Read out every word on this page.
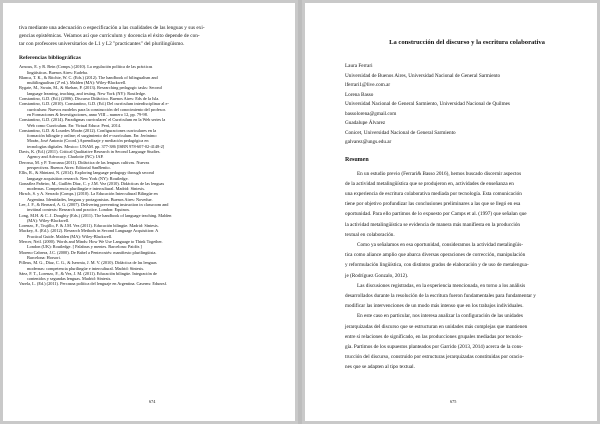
tiva mediante una adecuación o especificación a las cualidades de las lenguas y sus exi-
gencias epistémicas. Veíamos así que currículum y docencia el éxito depende de con-
tar con profesores universitarios de L1 y L2 "practicantes" del plurilingüismo.
Referencias bibliográficas
Arnoux, E. y R. Bein (Comps.) (2010). La regulación política de las prácticas
lingüísticas. Buenos Aires: Eudeba.
Blanca, T. K., & Ritchie, W. C. (Eds.) (2012). The handbook of bilingualism and
multilingualism (2ª ed.). Malden (MA): Wiley-Blackwell.
Bygate, M., Swain, M., & Skehan, P. (2013). Researching pedagogic tasks: Second
language learning, teaching, and testing. New York (NY): Routledge.
Constantino, G.D. (Ed.) (2006). Discurso Didáctico. Buenos Aires: Eds de la Isla.
Constantino, G.D. (2010). Constantino, G.D. (Ed.) Del currículum interdisciplinar al e-
currículum: Nuevos modelos para la construcción del conocimiento del profesor.
en Formaciones & Investigaciones, anno VIII – numero 12, pp. 79-98.
Constantino, G.D. (2014). Paradigmas curriculares' el Currículum en la Web series la
Web como Currículum. En: Virtual Educa: Perú, 2014.
Constantino, G.D. & Lourdes Morán (2012). Configuraciones curriculares en la
formación bilingüe y online; el surgimiento del e-currículum. En: Jerónimo
Morán, José Antonio (Coord.) Aprendizaje y mediación pedagógica en
tecnologías digitales. Mexico: UNAM. pp. 377-386 [ISBN 978-607-02-4148-2]
Davis, K. (Ed.) (2011). Critical Qualitative Research in Second Language Studies.
Agency and Advocacy. Charlotte (NC): IAP.
Derossa, M. y P. Torroana (2011). Didáctica de las lenguas cultivas. Nuevas
perspectivas. Buenos Aires: Editorial SanBenito.
Ellis, R., & Shintani, N. (2014). Exploring language pedagogy through second
language acquisition research. New York (NY): Routledge.
González Pañeiro, M., Guillén Díaz, C. y J.M. Vez (2010). Didácticas de las lenguas
modernas. Competencia plurilingüe e intercultural. Madrid: Síntesis.
Hirsch, S. y A. Serrado (Comps.) (2010). La Educación Intercultural Bilingüe en
Argentina. Identidades, lenguas y protagonistas. Buenos Aires: Novedue.
Lee, J. F., & Bernard, A. G. (2007). Delivering preventing instruction in classroom and
invitinal contexts: Research and practice. London: Equinox.
Long, M.H. & C. J. Doughty (Eds.) (2011). The handbook of language teaching. Malden
(MA): Wiley-Blackwell.
Lorenzo, F., Trujillo, F. & J.M. Vez (2011). Educación bilingüe. Madrid: Síntesis.
Mackey, A. (Ed.). (2012). Research Methods in Second Language Acquisition: A
Practical Guide. Malden (MA): Wiley-Blackwell.
Mercer, Neil. (2000). Words and Minds: How We Use Language to Think Together.
London (UK): Routledge. [ Palabras y mentes. Barcelona: Paidós ]
Moreno Cabrera, J.C. (2000). De Babel a Pentecostés: manifiesto plurilingüista.
Barcelona: Horsori.
Pilleux, M. G., Díaz, C. G., & Iserrnia, J. M. V. (2010). Didáctica de las lenguas
modernas: competencia plurilingüe e intercultural. Madrid: Síntesis.
Sáez, F. T., Lorenzo, F., & Vez, J. M. (2011). Educación bilingüe. Integración de
contenidos y segundas lenguas. Madrid: Síntesis.
Varela, L. (Ed.) (2011). Percasna política del lenguaje en Argentina. Caserns: Edunrsf.
674
La construcción del discurso y la escritura colaborativa
Laura Ferrari
Universidad de Buenos Aires, Universidad Nacional de General Sarmiento
lferrari1@live.com.ar
Lorena Basso
Universidad Nacional de General Sarmiento, Universidad Nacional de Quilmes
bassolorena@gmail.com
Guadalupe Álvarez
Conicet, Universidad Nacional de General Sarmiento
galvarez@ungs.edu.ar
Resumen
En un estudio previo (Ferrari& Basso 2016), hemos buscado discernir aspectos
de la actividad metalingüística que se produjeron en, actividades de enseñanza en
una experiencia de escritura colaborativa mediada por tecnología. Esta comunicación
tiene por objetivo profundizar las conclusiones preliminares a las que se llegó en esa
oportunidad. Para ello partimos de lo expuesto por Camps et al. (1997) que señalan que
la actividad metalingüística se evidencia de manera más manifiesta en la producción
textual en colaboración.
Como ya señalamos en esa oportunidad, consideramos la actividad metalingüís-
tica como aliance amplio que abarca diversas operaciones de corrección, manipulación
y reformulación lingüística, con distintos grados de elaboración y de uso de metalengua-
je (Rodríguez Gonzalo, 2012).
Las discusiones registradas, en la experiencia mencionada, en torno a los análisis
desarrollados durante la resolución de la escritura fueron fundamentales para fundamentar y
modificar las intervenciones de un modo más intenso que en los trabajos individuales.
En este caso en particular, nos interesa analizar la configuración de las unidades
jerarquizadas del discurso que se estructuran en unidades más complejas que mantienen
entre sí relaciones de significado, en las producciones grupales mediadas por tecnolo-
gía. Partimos de los supuestos planteados por Garrido (2013, 2014) acerca de la cons-
trucción del discurso, construido por estructuras jerarquizadas constituidas por oracio-
nes que se adapten al tipo textual.
675
